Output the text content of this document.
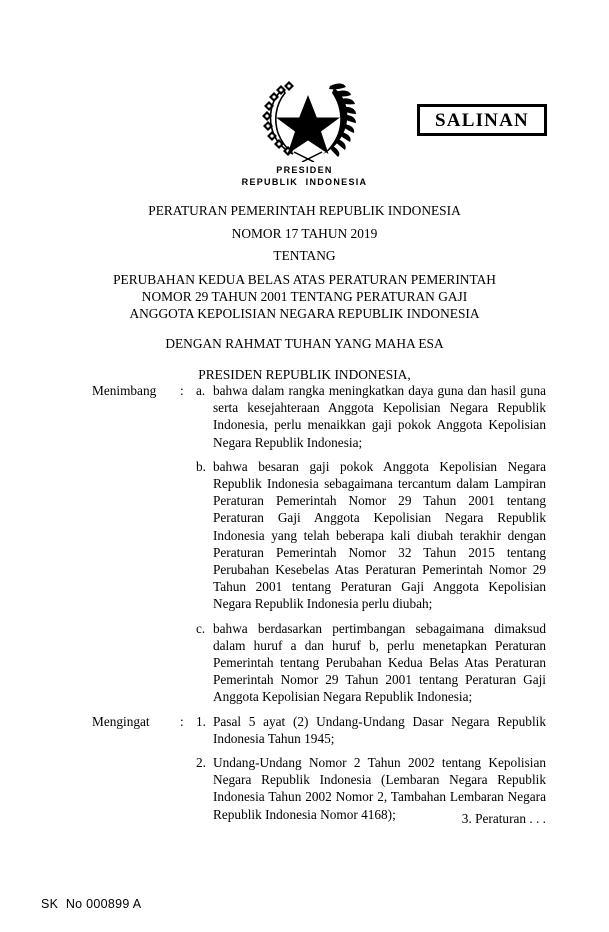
SALINAN
PRESIDEN
REPUBLIK  INDONESIA
PERATURAN PEMERINTAH REPUBLIK INDONESIA
NOMOR 17 TAHUN 2019
TENTANG
PERUBAHAN KEDUA BELAS ATAS PERATURAN PEMERINTAH
NOMOR 29 TAHUN 2001 TENTANG PERATURAN GAJI
ANGGOTA KEPOLISIAN NEGARA REPUBLIK INDONESIA
DENGAN RAHMAT TUHAN YANG MAHA ESA
PRESIDEN REPUBLIK INDONESIA,
Menimbang	: a. bahwa dalam rangka meningkatkan daya guna dan hasil guna serta kesejahteraan Anggota Kepolisian Negara Republik Indonesia, perlu menaikkan gaji pokok Anggota Kepolisian Negara Republik Indonesia;
b. bahwa besaran gaji pokok Anggota Kepolisian Negara Republik Indonesia sebagaimana tercantum dalam Lampiran Peraturan Pemerintah Nomor 29 Tahun 2001 tentang Peraturan Gaji Anggota Kepolisian Negara Republik Indonesia yang telah beberapa kali diubah terakhir dengan Peraturan Pemerintah Nomor 32 Tahun 2015 tentang Perubahan Kesebelas Atas Peraturan Pemerintah Nomor 29 Tahun 2001 tentang Peraturan Gaji Anggota Kepolisian Negara Republik Indonesia perlu diubah;
c. bahwa berdasarkan pertimbangan sebagaimana dimaksud dalam huruf a dan huruf b, perlu menetapkan Peraturan Pemerintah tentang Perubahan Kedua Belas Atas Peraturan Pemerintah Nomor 29 Tahun 2001 tentang Peraturan Gaji Anggota Kepolisian Negara Republik Indonesia;
Mengingat	: 1. Pasal 5 ayat (2) Undang-Undang Dasar Negara Republik Indonesia Tahun 1945;
2. Undang-Undang Nomor 2 Tahun 2002 tentang Kepolisian Negara Republik Indonesia (Lembaran Negara Republik Indonesia Tahun 2002 Nomor 2, Tambahan Lembaran Negara Republik Indonesia Nomor 4168);	3. Peraturan . . .
SK  No 000899 A
